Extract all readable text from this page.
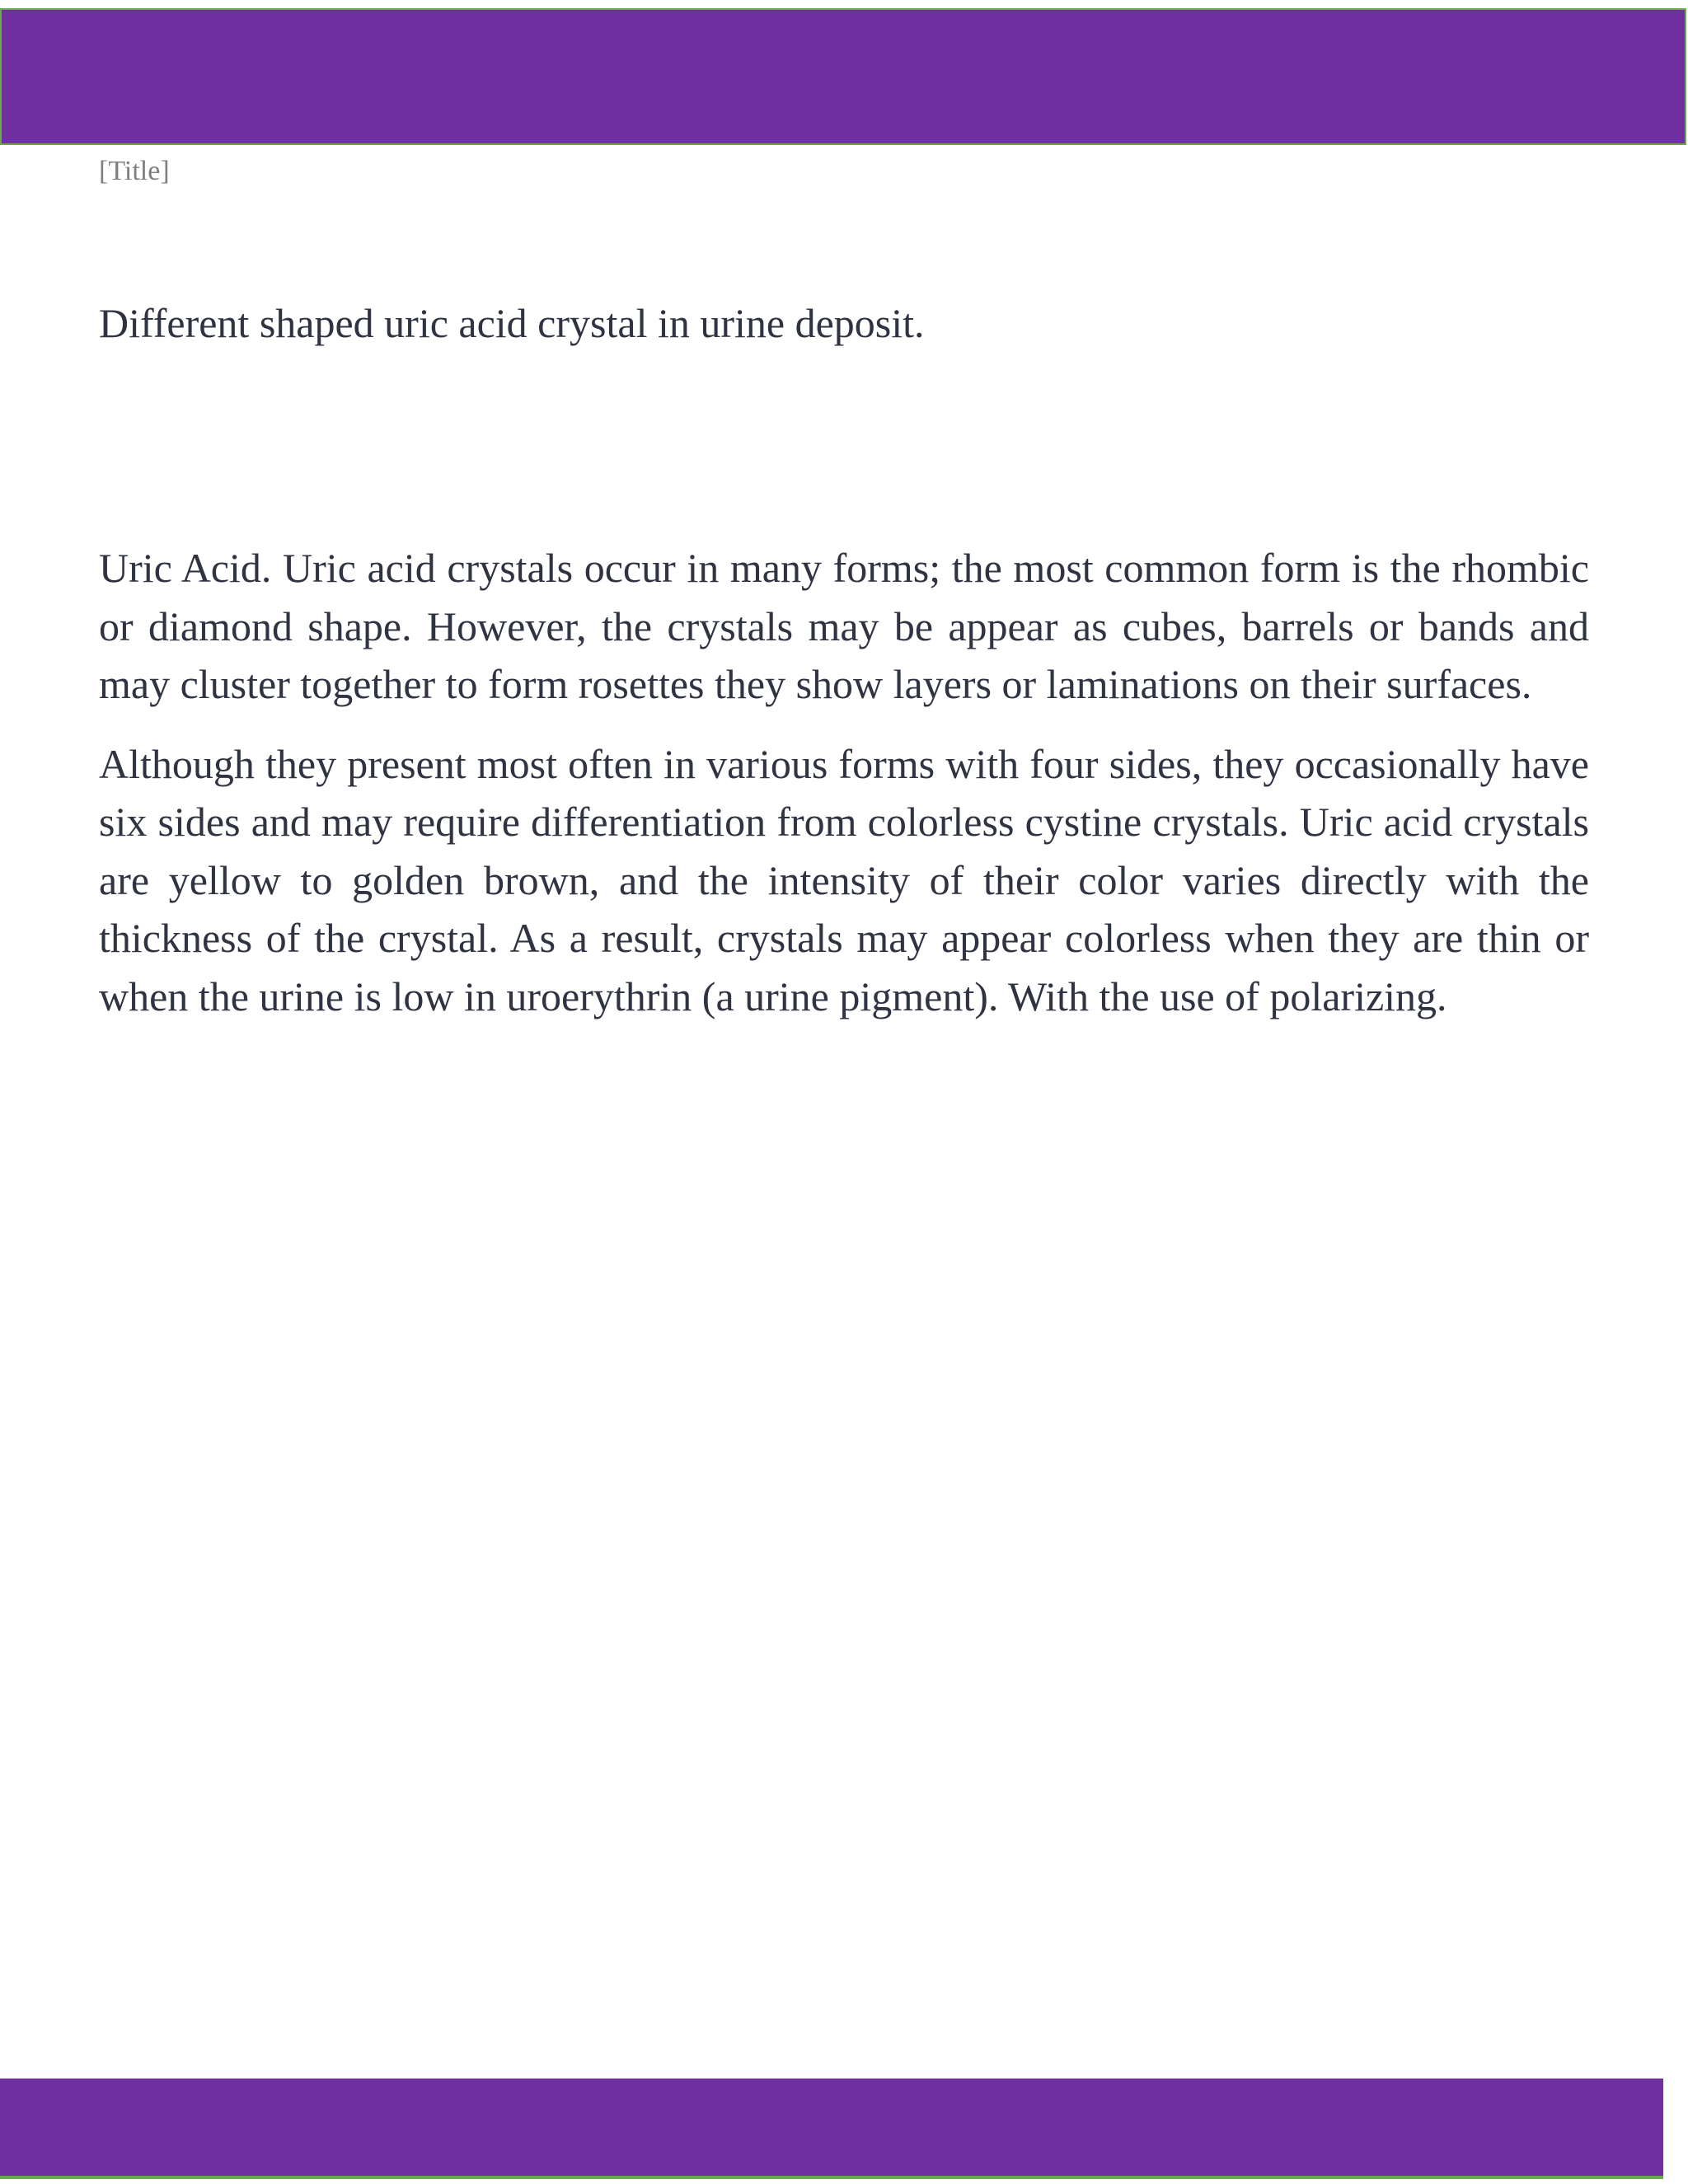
[Title]
Different shaped uric acid crystal in urine deposit.

Uric Acid. Uric acid crystals occur in many forms; the most common form is the rhombic or diamond shape. However, the crystals may be appear as cubes, barrels or bands and may cluster together to form rosettes they show layers or laminations on their surfaces.

Although they present most often in various forms with four sides, they occasionally have six sides and may require differentiation from colorless cystine crystals. Uric acid crystals are yellow to golden brown, and the intensity of their color varies directly with the thickness of the crystal. As a result, crystals may appear colorless when they are thin or when the urine is low in uroerythrin (a urine pigment). With the use of polarizing.
